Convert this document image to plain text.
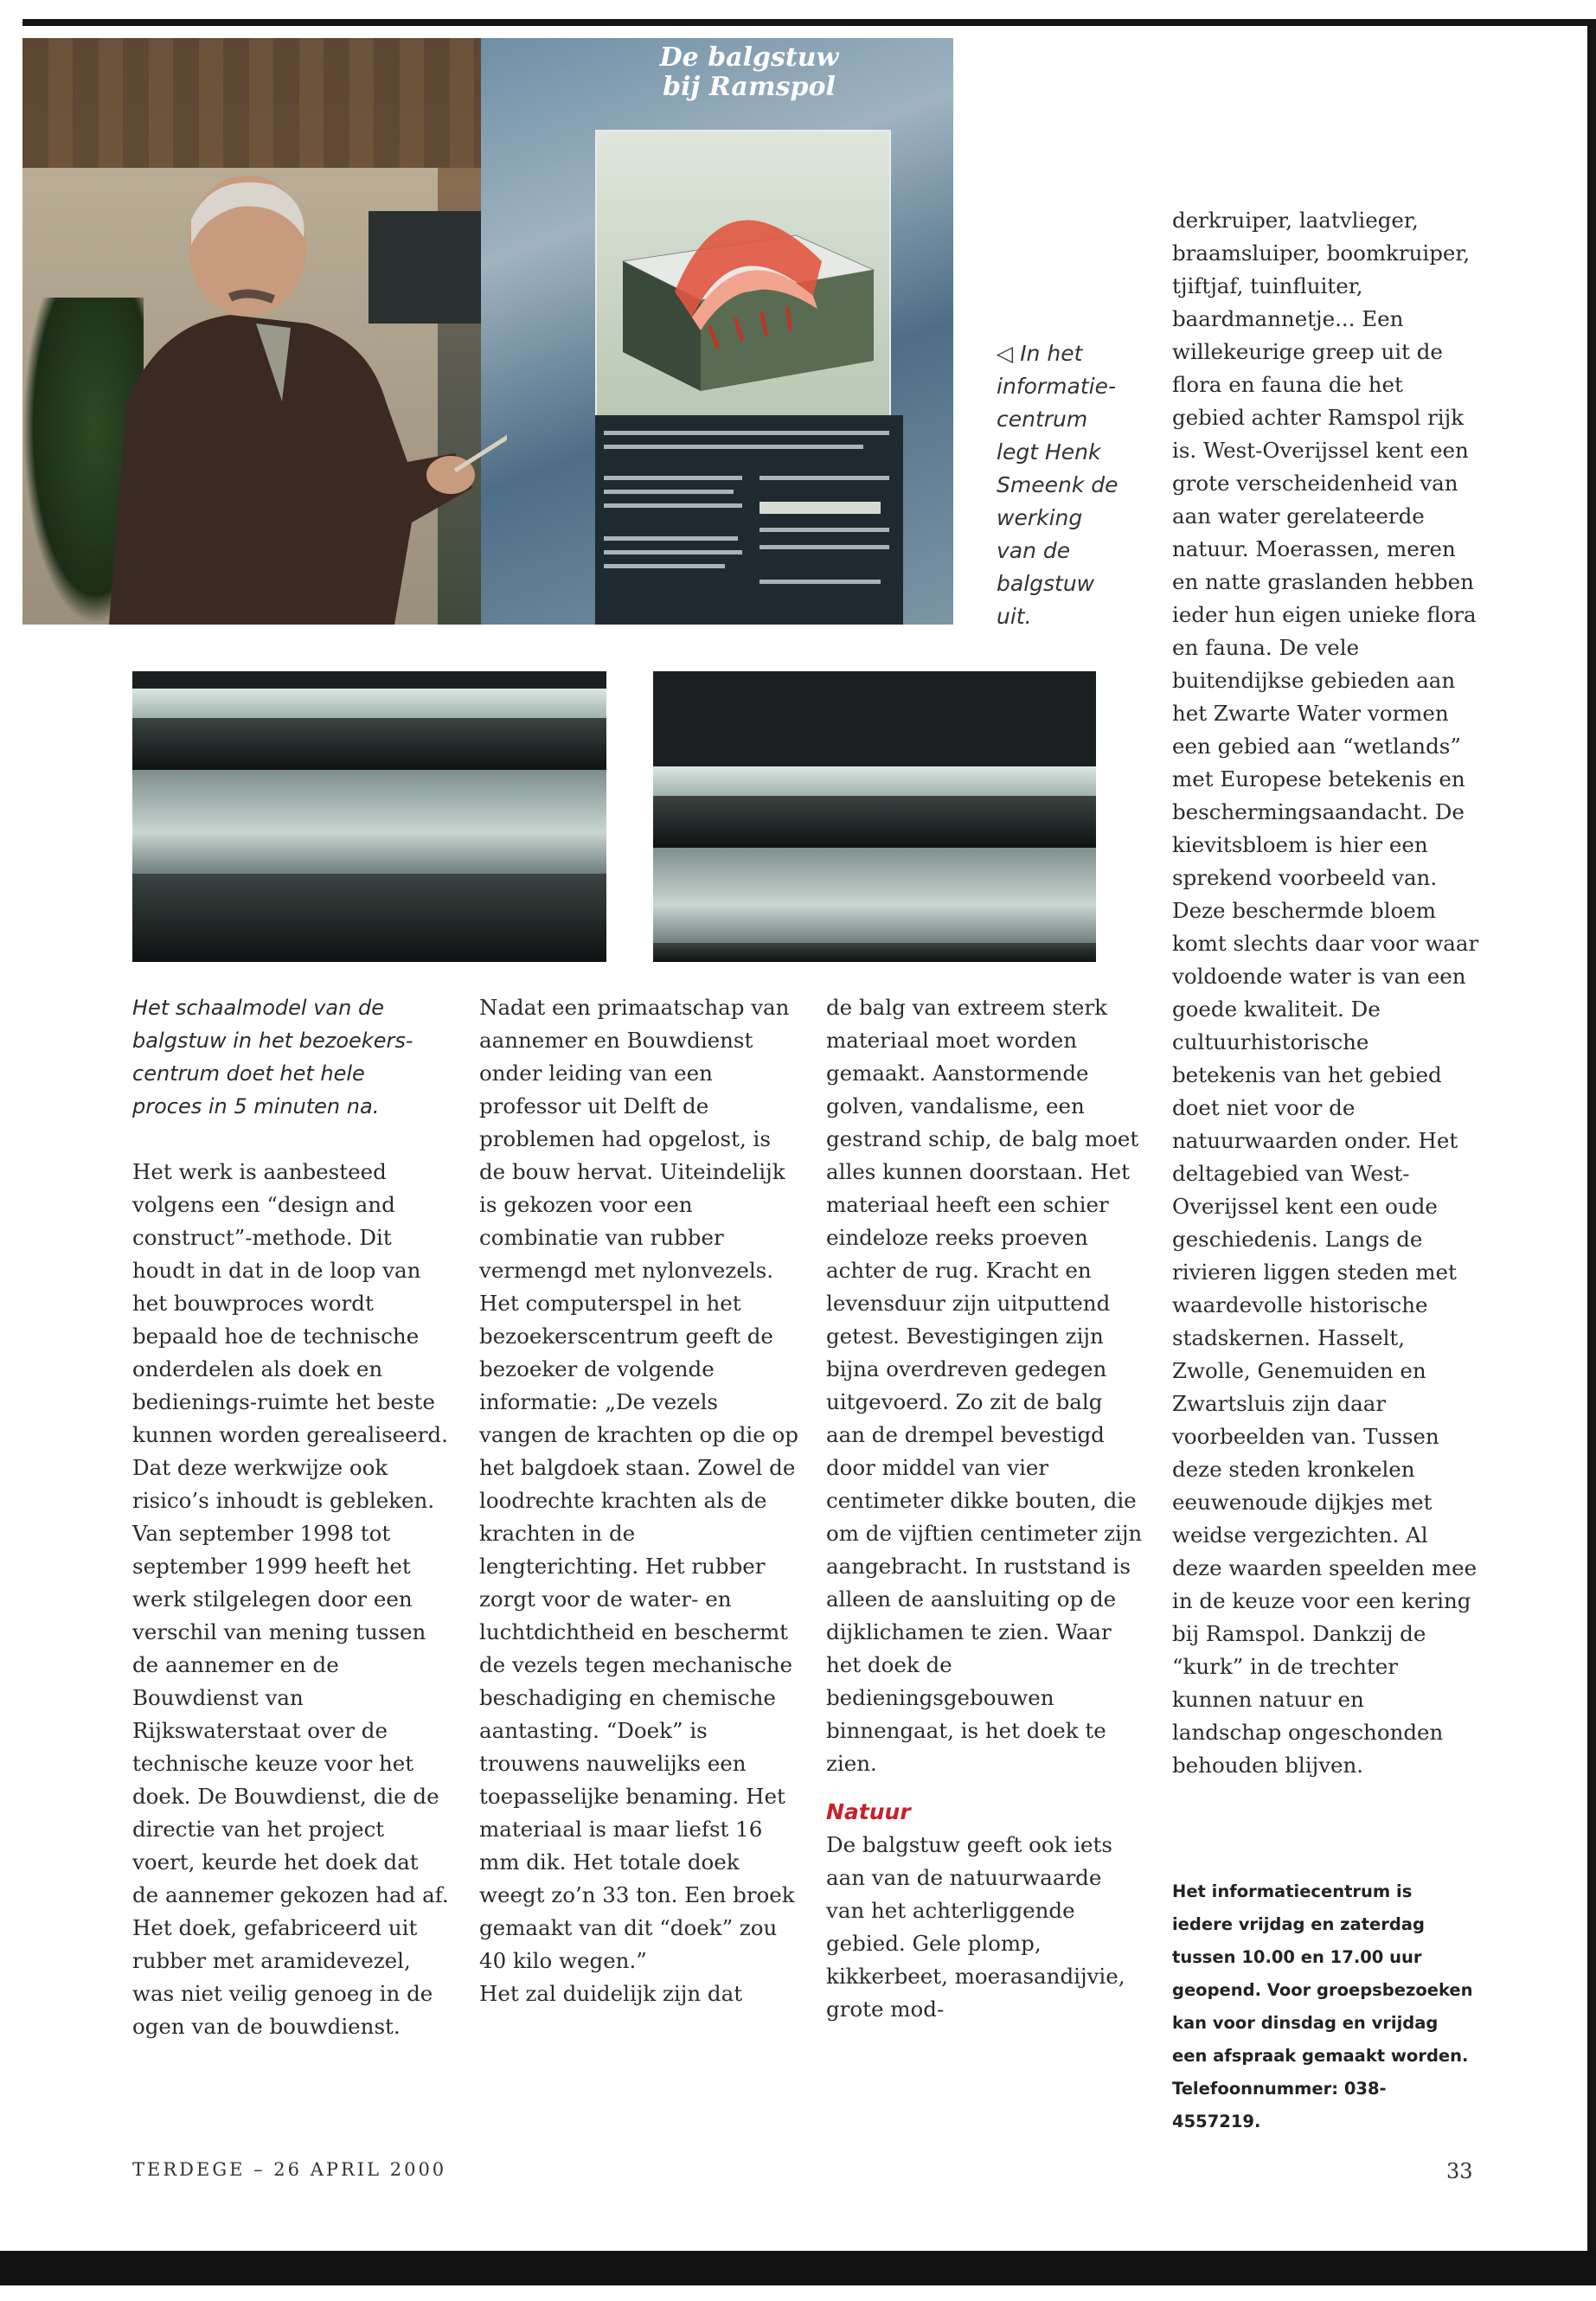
De balgstuw
bij Ramspol
◁ In het informatie-centrum legt Henk Smeenk de werking van de balgstuw uit.
Het schaalmodel van de balgstuw in het bezoekers-centrum doet het hele proces in 5 minuten na.

Het werk is aanbesteed volgens een “design and construct”-methode. Dit houdt in dat in de loop van het bouwproces wordt bepaald hoe de technische onderdelen als doek en bedienings-ruimte het beste kunnen worden gerealiseerd. Dat deze werkwijze ook risico’s inhoudt is gebleken. Van september 1998 tot september 1999 heeft het werk stilgelegen door een verschil van mening tussen de aannemer en de Bouwdienst van Rijkswaterstaat over de technische keuze voor het doek. De Bouwdienst, die de directie van het project voert, keurde het doek dat de aannemer gekozen had af. Het doek, gefabriceerd uit rubber met aramidevezel, was niet veilig genoeg in de ogen van de bouwdienst.

Nadat een primaatschap van aannemer en Bouwdienst onder leiding van een professor uit Delft de problemen had opgelost, is de bouw hervat. Uiteindelijk is gekozen voor een combinatie van rubber vermengd met nylonvezels.

Het computerspel in het bezoekerscentrum geeft de bezoeker de volgende informatie: „De vezels vangen de krachten op die op het balgdoek staan. Zowel de loodrechte krachten als de krachten in de lengterichting. Het rubber zorgt voor de water- en luchtdichtheid en beschermt de vezels tegen mechanische beschadiging en chemische aantasting. “Doek” is trouwens nauwelijks een toepasselijke benaming. Het materiaal is maar liefst 16 mm dik. Het totale doek weegt zo’n 33 ton. Een broek gemaakt van dit “doek” zou 40 kilo wegen.”

Het zal duidelijk zijn dat

de balg van extreem sterk materiaal moet worden gemaakt. Aanstormende golven, vandalisme, een gestrand schip, de balg moet alles kunnen doorstaan. Het materiaal heeft een schier eindeloze reeks proeven achter de rug. Kracht en levensduur zijn uitputtend getest. Bevestigingen zijn bijna overdreven gedegen uitgevoerd. Zo zit de balg aan de drempel bevestigd door middel van vier centimeter dikke bouten, die om de vijftien centimeter zijn aangebracht. In ruststand is alleen de aansluiting op de dijklichamen te zien. Waar het doek de bedieningsgebouwen binnengaat, is het doek te zien.

Natuur

De balgstuw geeft ook iets aan van de natuurwaarde van het achterliggende gebied. Gele plomp, kikkerbeet, moerasandijvie, grote mod-

derkruiper, laatvlieger, braamsluiper, boomkruiper, tjiftjaf, tuinfluiter, baardmannetje... Een willekeurige greep uit de flora en fauna die het gebied achter Ramspol rijk is. West-Overijssel kent een grote verscheidenheid van aan water gerelateerde natuur. Moerassen, meren en natte graslanden hebben ieder hun eigen unieke flora en fauna. De vele buitendijkse gebieden aan het Zwarte Water vormen een gebied aan “wetlands” met Europese betekenis en beschermingsaandacht. De kievitsbloem is hier een sprekend voorbeeld van. Deze beschermde bloem komt slechts daar voor waar voldoende water is van een goede kwaliteit. De cultuurhistorische betekenis van het gebied doet niet voor de natuurwaarden onder. Het deltagebied van West-Overijssel kent een oude geschiedenis. Langs de rivieren liggen steden met waardevolle historische stadskernen. Hasselt, Zwolle, Genemuiden en Zwartsluis zijn daar voorbeelden van. Tussen deze steden kronkelen eeuwenoude dijkjes met weidse vergezichten. Al deze waarden speelden mee in de keuze voor een kering bij Ramspol. Dankzij de “kurk” in de trechter kunnen natuur en landschap ongeschonden behouden blijven.

Het informatiecentrum is iedere vrijdag en zaterdag tussen 10.00 en 17.00 uur geopend. Voor groepsbezoeken kan voor dinsdag en vrijdag een afspraak gemaakt worden. Telefoonnummer: 038-4557219.
TERDEGE – 26 APRIL 2000	33
